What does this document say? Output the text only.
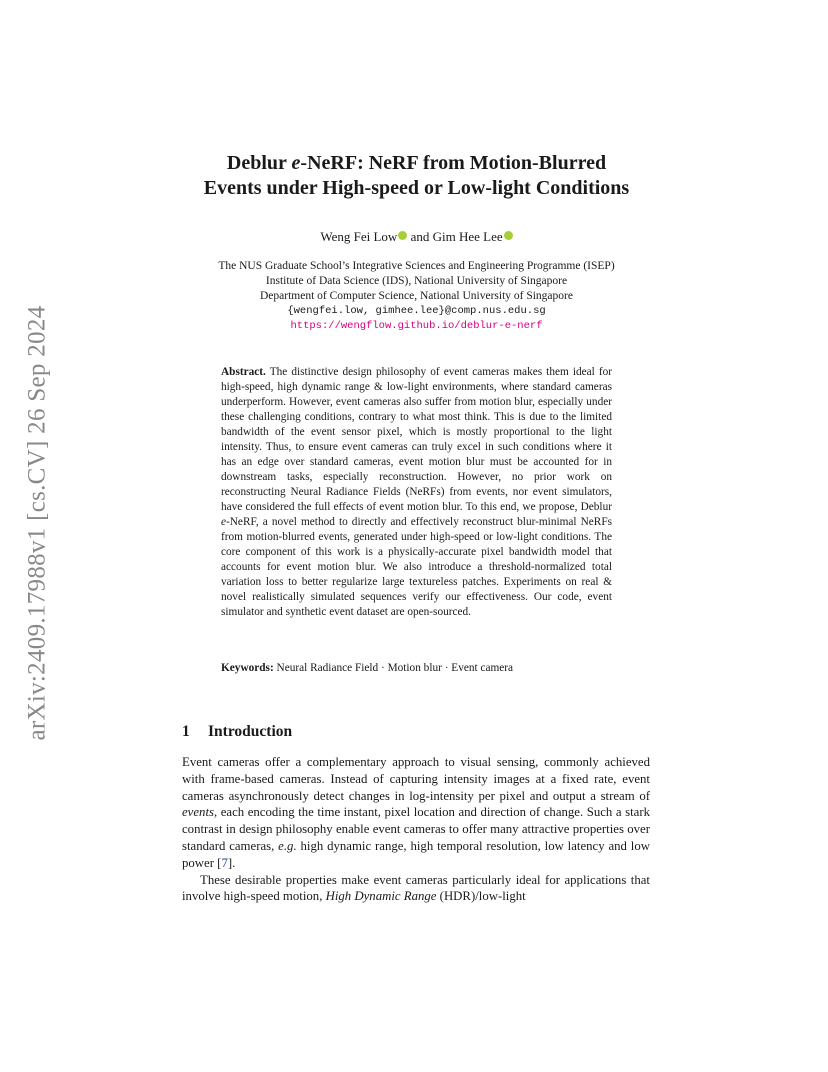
arXiv:2409.17988v1 [cs.CV] 26 Sep 2024

Deblur e-NeRF: NeRF from Motion-Blurred

Events under High-speed or Low-light Conditions

Weng Fei Low and Gim Hee Lee
The NUS Graduate School’s Integrative Sciences and Engineering Programme (ISEP)
Institute of Data Science (IDS), National University of Singapore
Department of Computer Science, National University of Singapore
{wengfei.low, gimhee.lee}@comp.nus.edu.sg
https://wengflow.github.io/deblur-e-nerf

Abstract. The distinctive design philosophy of event cameras makes them ideal for high-speed, high dynamic range & low-light environments, where standard cameras underperform. However, event cameras also suffer from motion blur, especially under these challenging conditions, contrary to what most think. This is due to the limited bandwidth of the event sensor pixel, which is mostly proportional to the light intensity. Thus, to ensure event cameras can truly excel in such conditions where it has an edge over standard cameras, event motion blur must be accounted for in downstream tasks, especially reconstruction. However, no prior work on reconstructing Neural Radiance Fields (NeRFs) from events, nor event simulators, have considered the full effects of event motion blur. To this end, we propose, Deblur e-NeRF, a novel method to directly and effectively reconstruct blur-minimal NeRFs from motion-blurred events, generated under high-speed or low-light conditions. The core component of this work is a physically-accurate pixel bandwidth model that accounts for event motion blur. We also introduce a threshold-normalized total variation loss to better regularize large textureless patches. Experiments on real & novel realistically simulated sequences verify our effectiveness. Our code, event simulator and synthetic event dataset are open-sourced.

Keywords: Neural Radiance Field · Motion blur · Event camera
1 Introduction

Event cameras offer a complementary approach to visual sensing, commonly achieved with frame-based cameras. Instead of capturing intensity images at a fixed rate, event cameras asynchronously detect changes in log-intensity per pixel and output a stream of events, each encoding the time instant, pixel location and direction of change. Such a stark contrast in design philosophy enable event cameras to offer many attractive properties over standard cameras, e.g. high dynamic range, high temporal resolution, low latency and low power [7].

These desirable properties make event cameras particularly ideal for applications that involve high-speed motion, High Dynamic Range (HDR)/low-light
